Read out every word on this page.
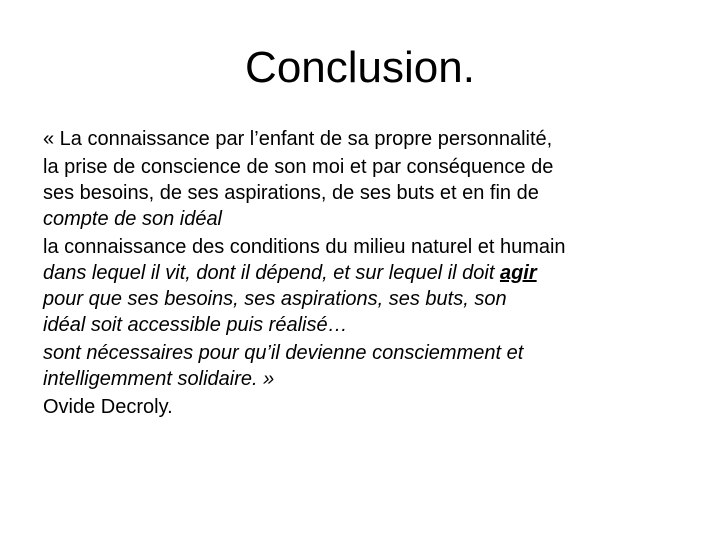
Conclusion.

« La connaissance par l’enfant de sa propre personnalité,

la prise de conscience de son moi et par conséquence de
ses besoins, de ses aspirations, de ses buts et en fin de
compte de son idéal

la connaissance des conditions du milieu naturel et humain
dans lequel il vit, dont il dépend, et sur lequel il doit agir
pour que ses besoins, ses aspirations, ses buts, son
idéal soit accessible puis réalisé…

sont nécessaires pour qu’il devienne consciemment et
intelligemment solidaire. »

Ovide Decroly.
